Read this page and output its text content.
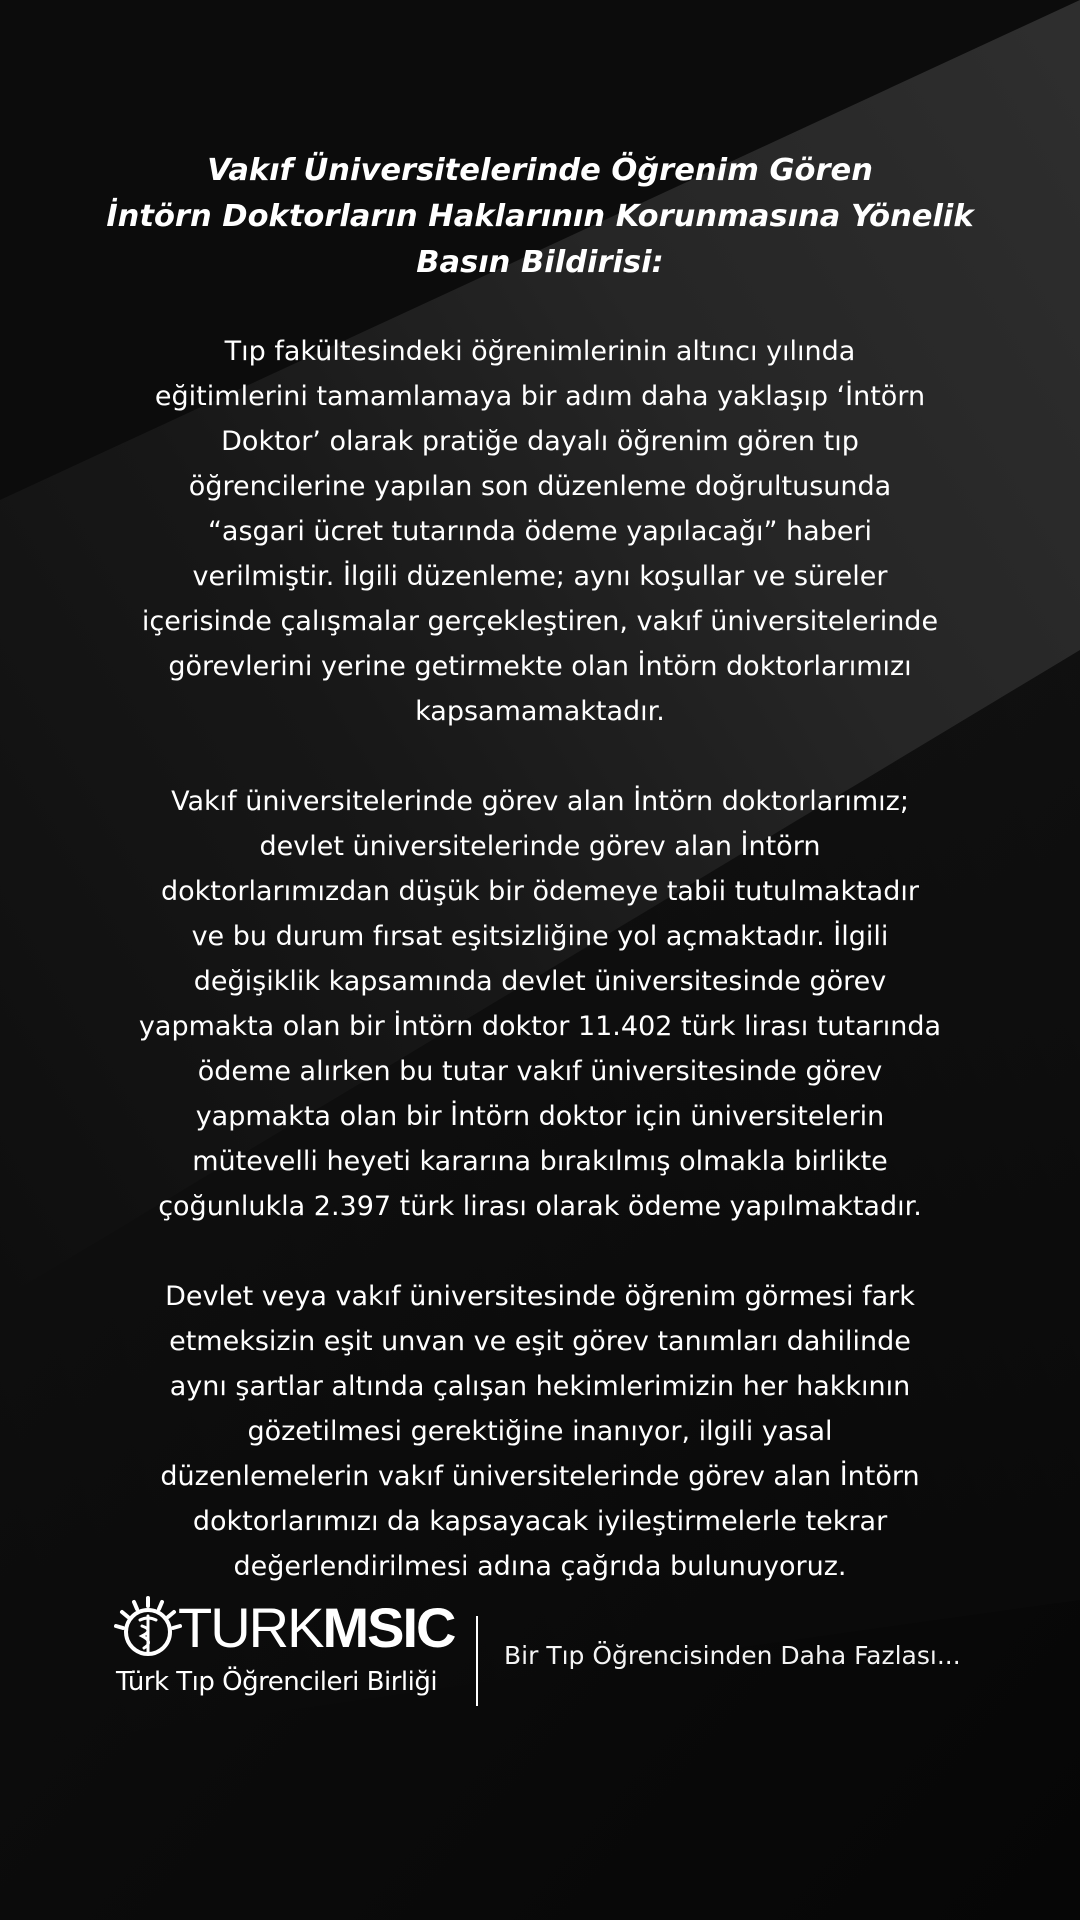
Vakıf Üniversitelerinde Öğrenim Gören
İntörn Doktorların Haklarının Korunmasına Yönelik
Basın Bildirisi:
Tıp fakültesindeki öğrenimlerinin altıncı yılında
eğitimlerini tamamlamaya bir adım daha yaklaşıp ‘İntörn
Doktor’ olarak pratiğe dayalı öğrenim gören tıp
öğrencilerine yapılan son düzenleme doğrultusunda
“asgari ücret tutarında ödeme yapılacağı” haberi
verilmiştir. İlgili düzenleme; aynı koşullar ve süreler
içerisinde çalışmalar gerçekleştiren, vakıf üniversitelerinde
görevlerini yerine getirmekte olan İntörn doktorlarımızı
kapsamamaktadır.
Vakıf üniversitelerinde görev alan İntörn doktorlarımız;
devlet üniversitelerinde görev alan İntörn
doktorlarımızdan düşük bir ödemeye tabii tutulmaktadır
ve bu durum fırsat eşitsizliğine yol açmaktadır. İlgili
değişiklik kapsamında devlet üniversitesinde görev
yapmakta olan bir İntörn doktor 11.402 türk lirası tutarında
ödeme alırken bu tutar vakıf üniversitesinde görev
yapmakta olan bir İntörn doktor için üniversitelerin
mütevelli heyeti kararına bırakılmış olmakla birlikte
çoğunlukla 2.397 türk lirası olarak ödeme yapılmaktadır.
Devlet veya vakıf üniversitesinde öğrenim görmesi fark
etmeksizin eşit unvan ve eşit görev tanımları dahilinde
aynı şartlar altında çalışan hekimlerimizin her hakkının
gözetilmesi gerektiğine inanıyor, ilgili yasal
düzenlemelerin vakıf üniversitelerinde görev alan İntörn
doktorlarımızı da kapsayacak iyileştirmelerle tekrar
değerlendirilmesi adına çağrıda bulunuyoruz.
TURKMSIC
Türk Tıp Öğrencileri Birliği
Bir Tıp Öğrencisinden Daha Fazlası...
